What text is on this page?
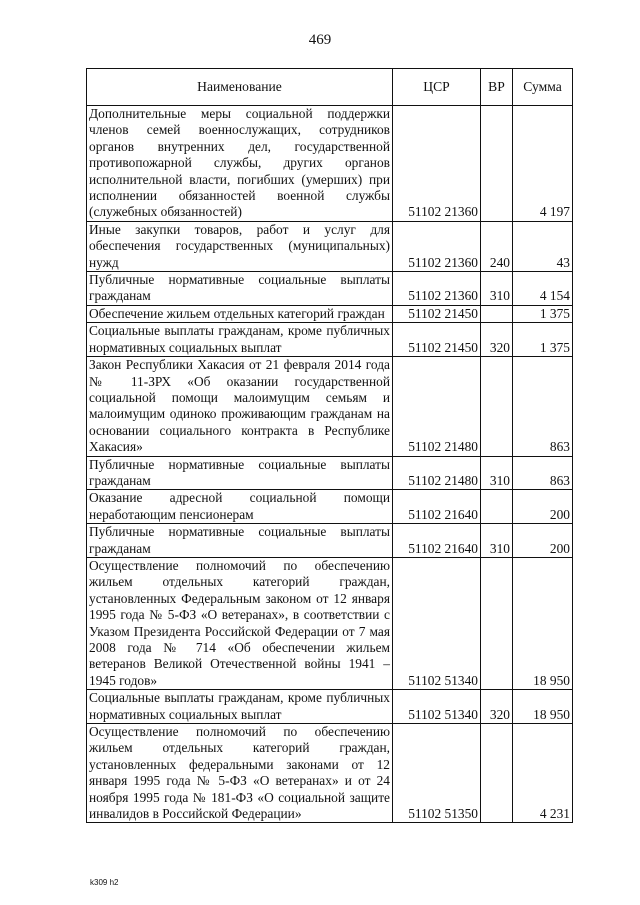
469
Наименование	ЦСР	ВР	Сумма
Дополнительные меры социальной поддержки членов семей военнослужащих, сотрудников органов внутренних дел, государственной противопожарной службы, других органов исполнительной власти, погибших (умерших) при исполнении обязанностей военной службы (служебных обязанностей)	51102 21360		4 197
Иные закупки товаров, работ и услуг для обеспечения государственных (муниципальных) нужд	51102 21360	240	43
Публичные нормативные социальные выплаты гражданам	51102 21360	310	4 154
Обеспечение жильем отдельных категорий граждан	51102 21450		1 375
Социальные выплаты гражданам, кроме публичных нормативных социальных выплат	51102 21450	320	1 375
Закон Республики Хакасия от 21 февраля 2014 года № 11-ЗРХ «Об оказании государственной социальной помощи малоимущим семьям и малоимущим одиноко проживающим гражданам на основании социального контракта в Республике Хакасия»	51102 21480		863
Публичные нормативные социальные выплаты гражданам	51102 21480	310	863
Оказание адресной социальной помощи неработающим пенсионерам	51102 21640		200
Публичные нормативные социальные выплаты гражданам	51102 21640	310	200
Осуществление полномочий по обеспечению жильем отдельных категорий граждан, установленных Федеральным законом от 12 января 1995 года № 5-ФЗ «О ветеранах», в соответствии с Указом Президента Российской Федерации от 7 мая 2008 года № 714 «Об обеспечении жильем ветеранов Великой Отечественной войны 1941 – 1945 годов»	51102 51340		18 950
Социальные выплаты гражданам, кроме публичных нормативных социальных выплат	51102 51340	320	18 950
Осуществление полномочий по обеспечению жильем отдельных категорий граждан, установленных федеральными законами от 12 января 1995 года № 5-ФЗ «О ветеранах» и от 24 ноября 1995 года № 181-ФЗ «О социальной защите инвалидов в Российской Федерации»	51102 51350		4 231
k309 h2
